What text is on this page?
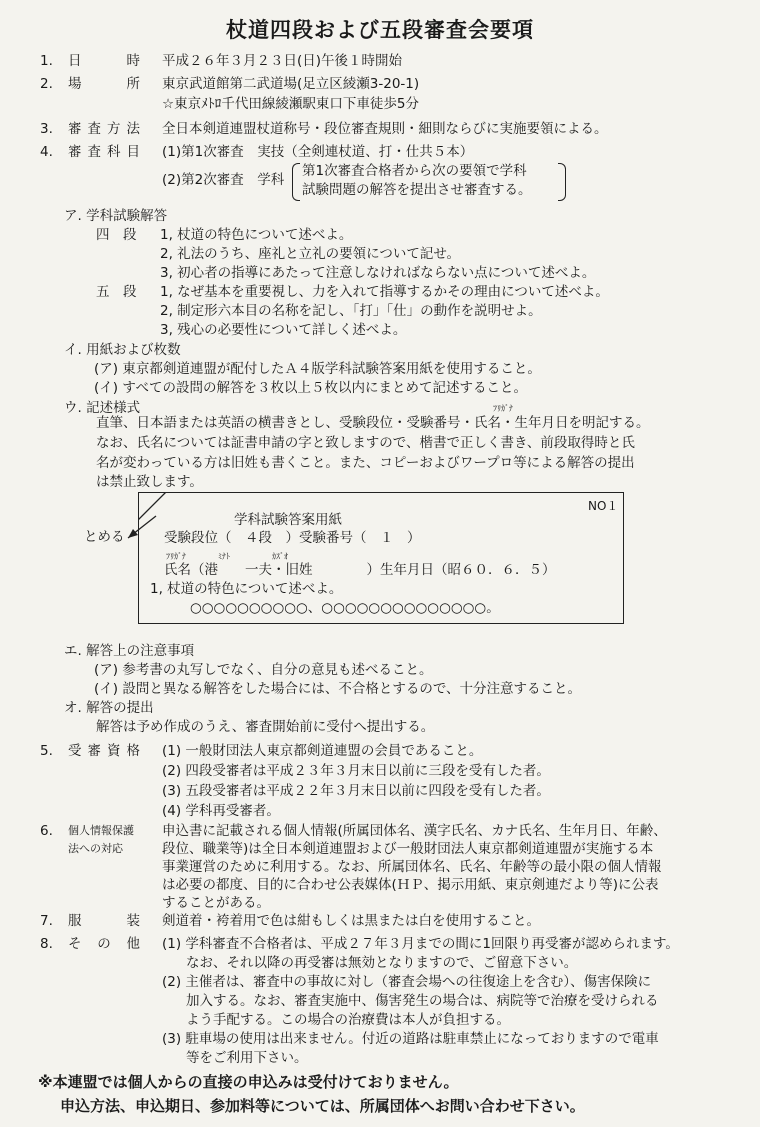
杖道四段および五段審査会要項
1. 日	時 平成２６年３月２３日(日)午後１時開始
2. 場	所 東京武道館第二武道場(足立区綾瀬3-20-1)
☆東京ﾒﾄﾛ千代田線綾瀬駅東口下車徒歩5分
3. 審 査 方 法 全日本剣道連盟杖道称号・段位審査規則・細則ならびに実施要領による。
4. 審 査 科 目 (1)第1次審査　実技（全剣連杖道、打・仕共５本）
(2)第2次審査　学科
第1次審査合格者から次の要領で学科
試験問題の解答を提出させ審査する。
ア. 学科試験解答
四　段 1, 杖道の特色について述べよ。
2, 礼法のうち、座礼と立礼の要領について記せ。
3, 初心者の指導にあたって注意しなければならない点について述べよ。
五　段 1, なぜ基本を重要視し、力を入れて指導するかその理由について述べよ。
2, 制定形六本目の名称を記し、「打」「仕」の動作を説明せよ。
3, 残心の必要性について詳しく述べよ。
イ. 用紙および枚数
(ア) 東京都剣道連盟が配付したＡ４版学科試験答案用紙を使用すること。
(イ) すべての設問の解答を３枚以上５枚以内にまとめて記述すること。
ウ. 記述様式	ﾌﾘｶﾞﾅ
直筆、日本語または英語の横書きとし、受験段位・受験番号・氏名・生年月日を明記する。
なお、氏名については証書申請の字と致しますので、楷書で正しく書き、前段取得時と氏
名が変わっている方は旧姓も書くこと。また、コピーおよびワープロ等による解答の提出
は禁止致します。
とめる
NO１
学科試験答案用紙
受験段位（　４段　）受験番号（　１　）
ﾌﾘｶﾞﾅ	ﾐﾅﾄ	ｶｽﾞｵ
氏名（港　　一夫・旧姓　　　　）生年月日（昭６０．６．５）
1, 杖道の特色について述べよ。
○○○○○○○○○○、○○○○○○○○○○○○○○。
エ. 解答上の注意事項
(ア) 参考書の丸写しでなく、自分の意見も述べること。
(イ) 設問と異なる解答をした場合には、不合格とするので、十分注意すること。
オ. 解答の提出
解答は予め作成のうえ、審査開始前に受付へ提出する。
5. 受 審 資 格 (1) 一般財団法人東京都剣道連盟の会員であること。
(2) 四段受審者は平成２３年３月末日以前に三段を受有した者。
(3) 五段受審者は平成２２年３月末日以前に四段を受有した者。
(4) 学科再受審者。
6. 個人情報保護
法への対応
申込書に記載される個人情報(所属団体名、漢字氏名、カナ氏名、生年月日、年齢、
段位、職業等)は全日本剣道連盟および一般財団法人東京都剣道連盟が実施する本
事業運営のために利用する。なお、所属団体名、氏名、年齢等の最小限の個人情報
は必要の都度、目的に合わせ公表媒体(ＨＰ、掲示用紙、東京剣連だより等)に公表
することがある。
7. 服	装 剣道着・袴着用で色は紺もしくは黒または白を使用すること。
8. そ の 他 (1) 学科審査不合格者は、平成２７年３月までの間に1回限り再受審が認められます。
なお、それ以降の再受審は無効となりますので、ご留意下さい。
(2) 主催者は、審査中の事故に対し（審査会場への往復途上を含む）、傷害保険に
加入する。なお、審査実施中、傷害発生の場合は、病院等で治療を受けられる
よう手配する。この場合の治療費は本人が負担する。
(3) 駐車場の使用は出来ません。付近の道路は駐車禁止になっておりますので電車
等をご利用下さい。
※本連盟では個人からの直接の申込みは受付けておりません。
申込方法、申込期日、参加料等については、所属団体へお問い合わせ下さい。
